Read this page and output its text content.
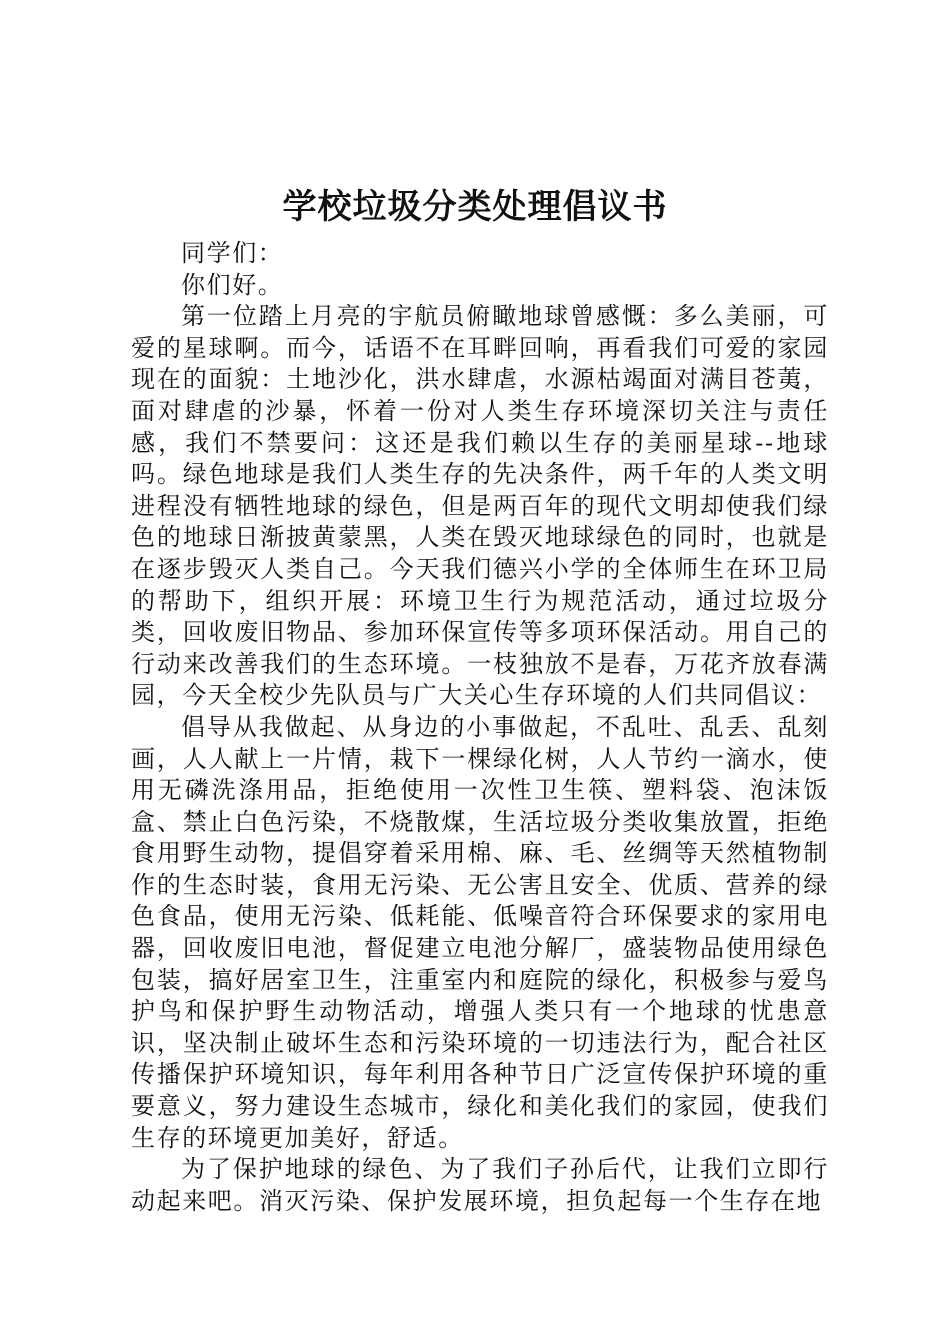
学校垃圾分类处理倡议书

同学们：

你们好。

第一位踏上月亮的宇航员俯瞰地球曾感慨：多么美丽，可爱的星球啊。而今，话语不在耳畔回响，再看我们可爱的家园现在的面貌：土地沙化，洪水肆虐，水源枯竭面对满目苍荑，面对肆虐的沙暴，怀着一份对人类生存环境深切关注与责任感，我们不禁要问：这还是我们赖以生存的美丽星球--地球吗。绿色地球是我们人类生存的先决条件，两千年的人类文明进程没有牺牲地球的绿色，但是两百年的现代文明却使我们绿色的地球日渐披黄蒙黑，人类在毁灭地球绿色的同时，也就是在逐步毁灭人类自己。今天我们德兴小学的全体师生在环卫局的帮助下，组织开展：环境卫生行为规范活动，通过垃圾分类，回收废旧物品、参加环保宣传等多项环保活动。用自己的行动来改善我们的生态环境。一枝独放不是春，万花齐放春满园，今天全校少先队员与广大关心生存环境的人们共同倡议：

倡导从我做起、从身边的小事做起，不乱吐、乱丢、乱刻画，人人献上一片情，栽下一棵绿化树，人人节约一滴水，使用无磷洗涤用品，拒绝使用一次性卫生筷、塑料袋、泡沫饭盒、禁止白色污染，不烧散煤，生活垃圾分类收集放置，拒绝食用野生动物，提倡穿着采用棉、麻、毛、丝绸等天然植物制作的生态时装，食用无污染、无公害且安全、优质、营养的绿色食品，使用无污染、低耗能、低噪音符合环保要求的家用电器，回收废旧电池，督促建立电池分解厂，盛装物品使用绿色包装，搞好居室卫生，注重室内和庭院的绿化，积极参与爱鸟护鸟和保护野生动物活动，增强人类只有一个地球的忧患意识，坚决制止破坏生态和污染环境的一切违法行为，配合社区传播保护环境知识，每年利用各种节日广泛宣传保护环境的重要意义，努力建设生态城市，绿化和美化我们的家园，使我们生存的环境更加美好，舒适。

为了保护地球的绿色、为了我们子孙后代，让我们立即行动起来吧。消灭污染、保护发展环境，担负起每一个生存在地
